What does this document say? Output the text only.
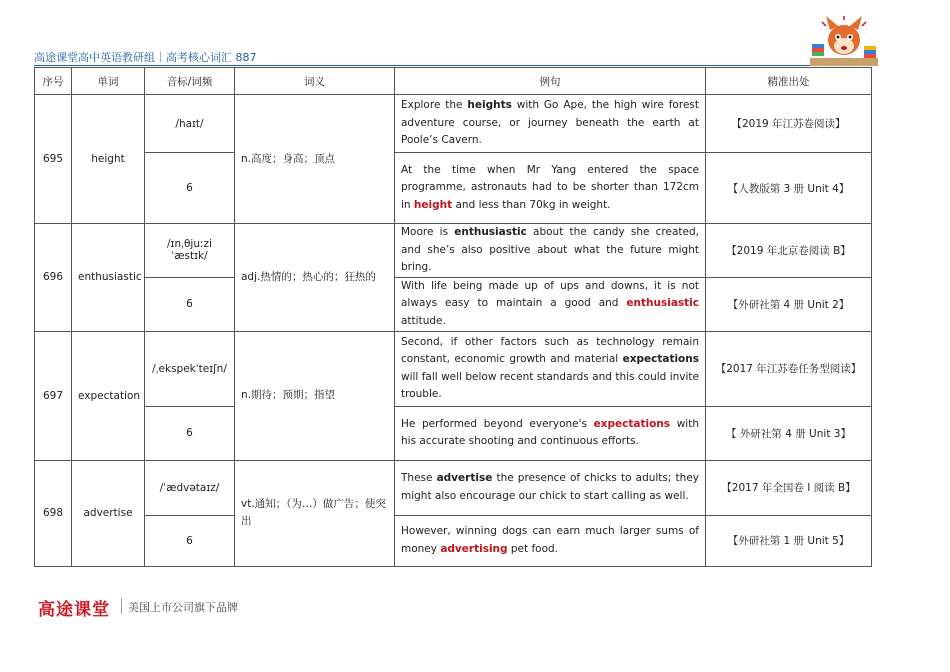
高途课堂高中英语教研组｜高考核心词汇 887
序号	单词	音标/词频	词义	例句	精准出处
695	height	/haɪt/	n.高度；身高；顶点	Explore the heights with Go Ape, the high wire forest adventure course, or journey beneath the earth at Poole’s Cavern.	【2019 年江苏卷阅读】
		6		At the time when Mr Yang entered the space programme, astronauts had to be shorter than 172cm in height and less than 70kg in weight.	【人教版第 3 册 Unit 4】
696	enthusiastic	/ɪnˌθjuːziˈæstɪk/	adj.热情的；热心的；狂热的	Moore is enthusiastic about the candy she created, and she’s also positive about what the future might bring.	【2019 年北京卷阅读 B】
		6		With life being made up of ups and downs, it is not always easy to maintain a good and enthusiastic attitude.	【外研社第 4 册 Unit 2】
697	expectation	/ˌekspekˈteɪʃn/	n.期待；预期；指望	Second, if other factors such as technology remain constant, economic growth and material expectations will fall well below recent standards and this could invite trouble.	【2017 年江苏卷任务型阅读】
		6		He performed beyond everyone's expectations with his accurate shooting and continuous efforts.	【 外研社第 4 册 Unit 3】
698	advertise	/ˈædvətaɪz/	vt.通知；（为…）做广告；使突出	These advertise the presence of chicks to adults; they might also encourage our chick to start calling as well.	【2017 年全国卷 I 阅读 B】
		6		However, winning dogs can earn much larger sums of money advertising pet food.	【外研社第 1 册 Unit 5】
高途课堂 美国上市公司旗下品牌
